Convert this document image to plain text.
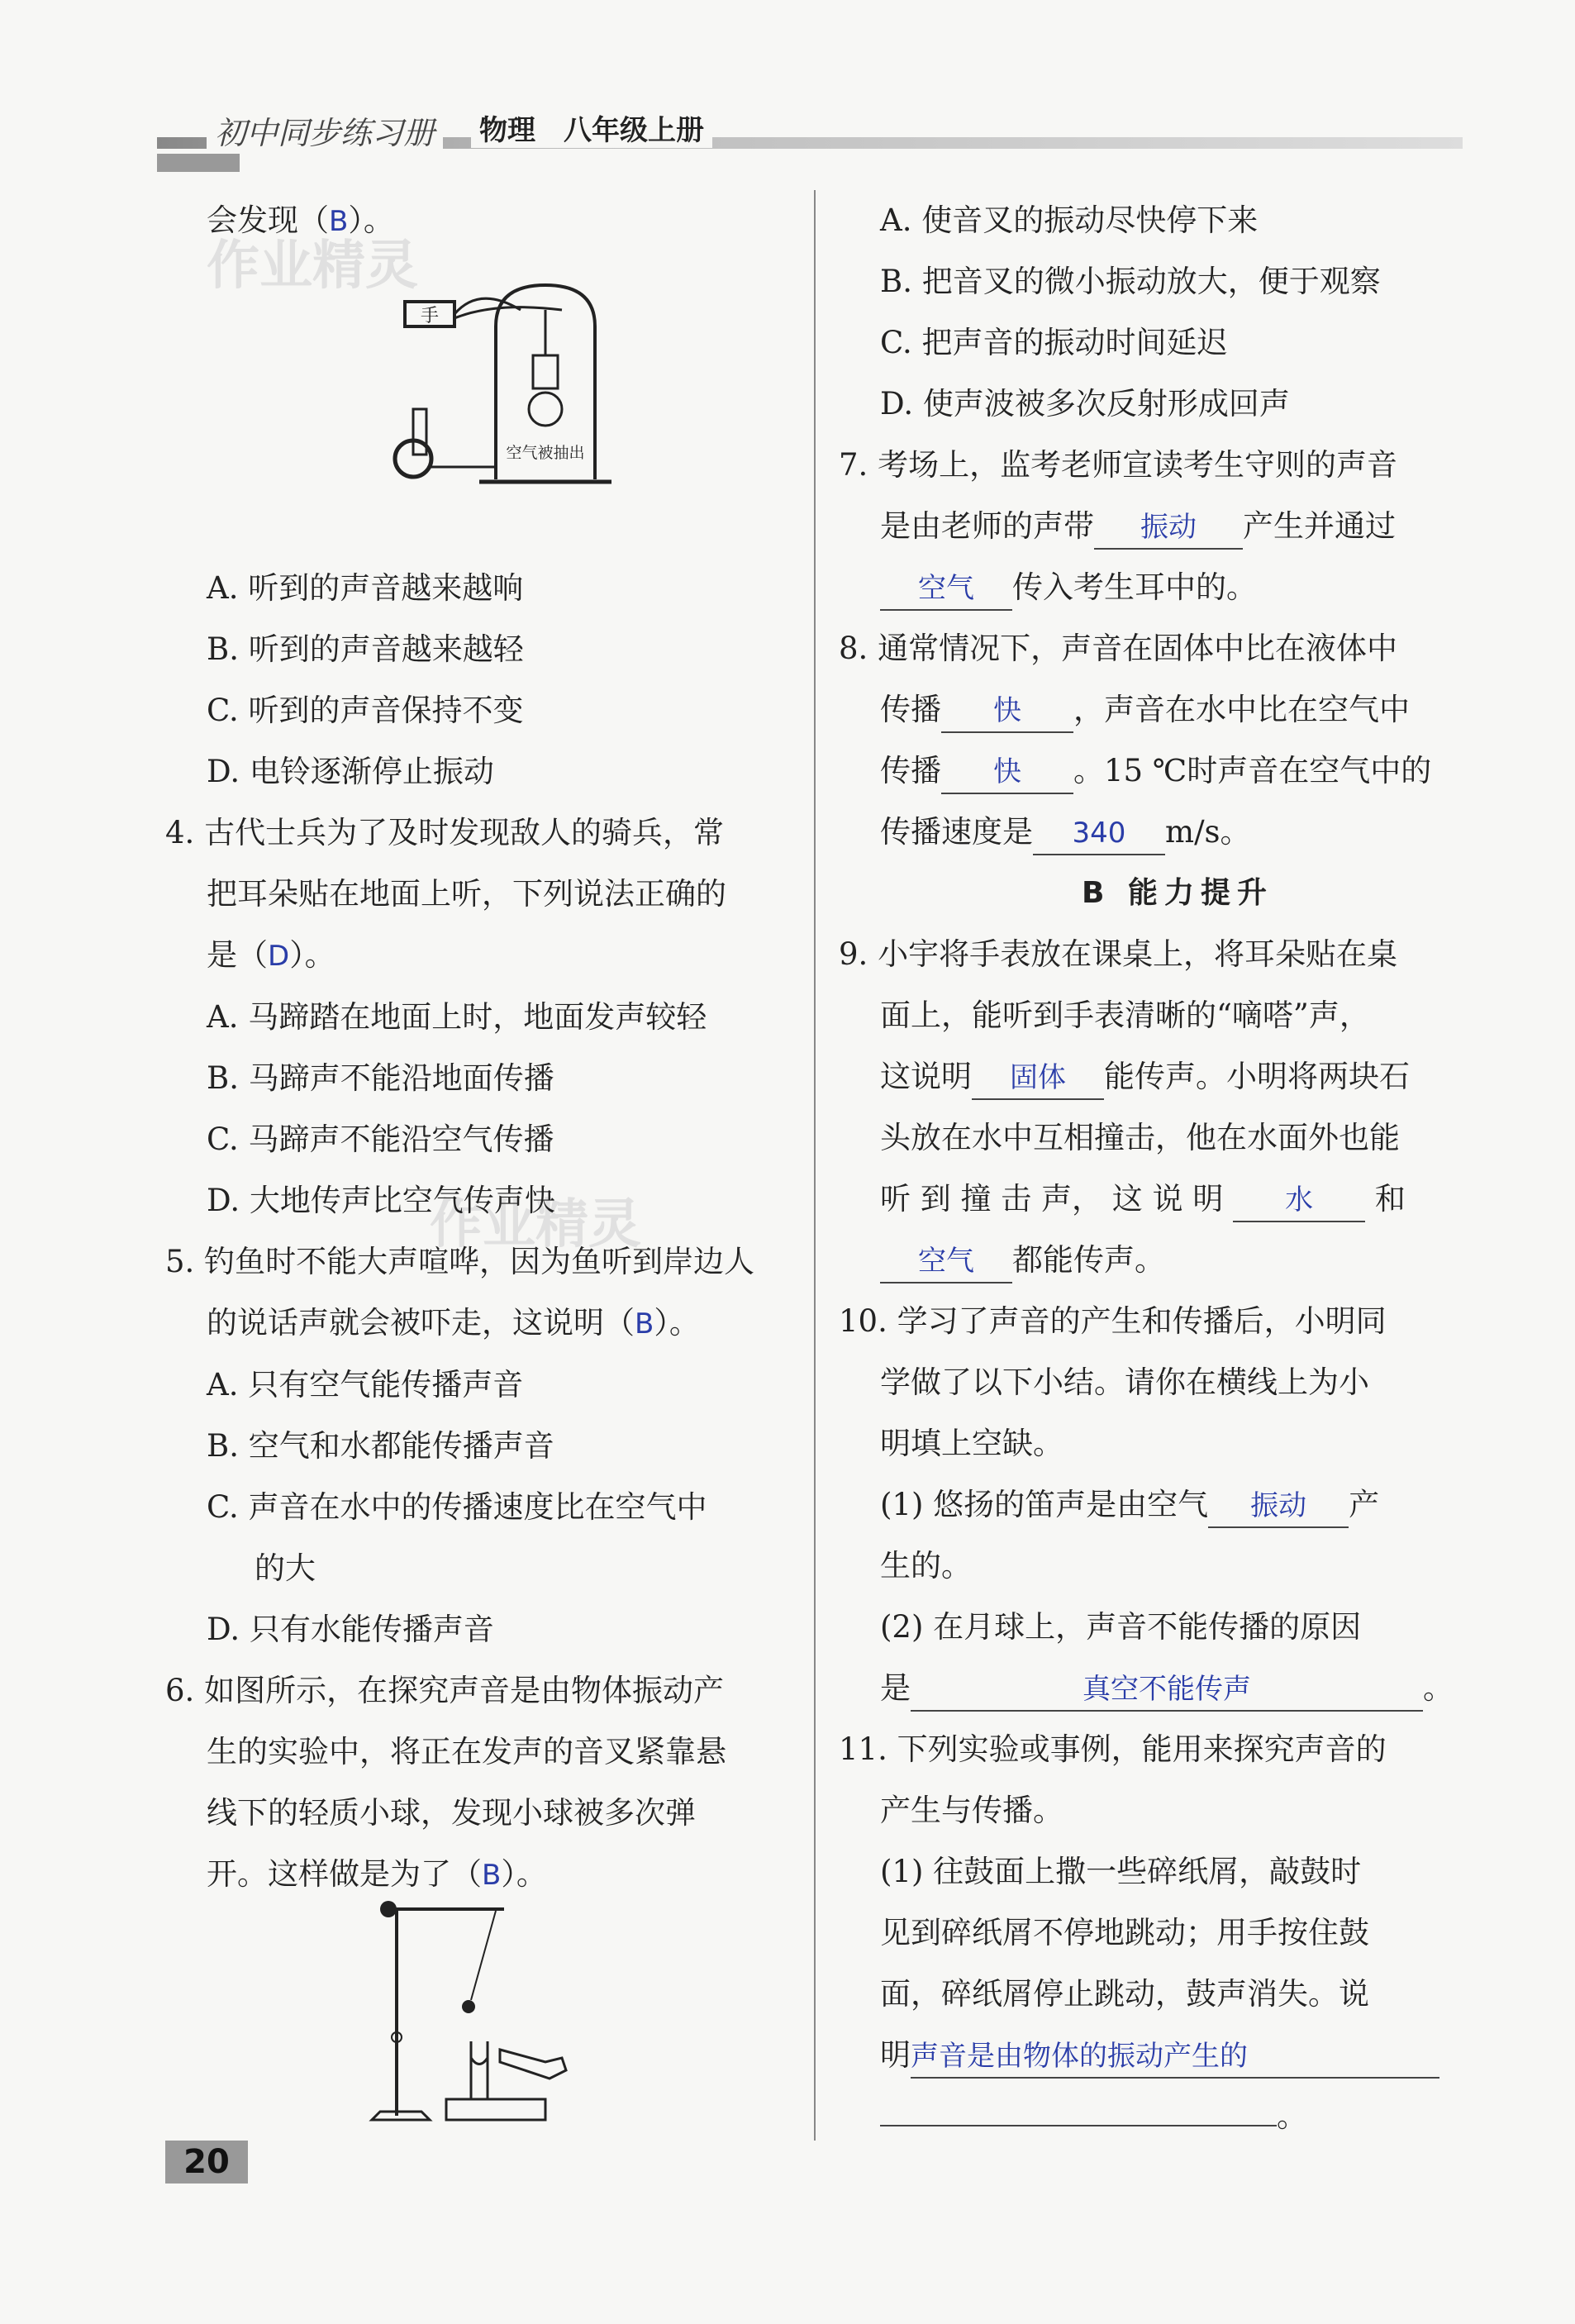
初中同步练习册 物理　八年级上册
作业精灵
作业精灵
会发现（B）。
A. 听到的声音越来越响
B. 听到的声音越来越轻
C. 听到的声音保持不变
D. 电铃逐渐停止振动
4. 古代士兵为了及时发现敌人的骑兵，常
把耳朵贴在地面上听，下列说法正确的
是（D）。
A. 马蹄踏在地面上时，地面发声较轻
B. 马蹄声不能沿地面传播
C. 马蹄声不能沿空气传播
D. 大地传声比空气传声快
5. 钓鱼时不能大声喧哗，因为鱼听到岸边人
的说话声就会被吓走，这说明（B）。
A. 只有空气能传播声音
B. 空气和水都能传播声音
C. 声音在水中的传播速度比在空气中
的大
D. 只有水能传播声音
6. 如图所示，在探究声音是由物体振动产
生的实验中，将正在发声的音叉紧靠悬
线下的轻质小球，发现小球被多次弹
开。这样做是为了（B）。
手
空气被抽出
A. 使音叉的振动尽快停下来
B. 把音叉的微小振动放大，便于观察
C. 把声音的振动时间延迟
D. 使声波被多次反射形成回声
7. 考场上，监考老师宣读考生守则的声音
是由老师的声带 振动 产生并通过
空气 传入考生耳中的。
8. 通常情况下，声音在固体中比在液体中
传播 快 ，声音在水中比在空气中
传播 快 。15 ℃时声音在空气中的
传播速度是 340 m/s。
B 能力提升
9. 小宇将手表放在课桌上，将耳朵贴在桌
面上，能听到手表清晰的“嘀嗒”声，
这说明 固体 能传声。小明将两块石
头放在水中互相撞击，他在水面外也能
听 到 撞 击 声， 这 说 明 水 和
空气 都能传声。
10. 学习了声音的产生和传播后，小明同
学做了以下小结。请你在横线上为小
明填上空缺。
(1) 悠扬的笛声是由空气 振动 产
生的。
(2) 在月球上，声音不能传播的原因
是	真空不能传声	。
11. 下列实验或事例，能用来探究声音的
产生与传播。
(1) 往鼓面上撒一些碎纸屑，敲鼓时
见到碎纸屑不停地跳动；用手按住鼓
面，碎纸屑停止跳动，鼓声消失。说
明声音是由物体的振动产生的
。
20
